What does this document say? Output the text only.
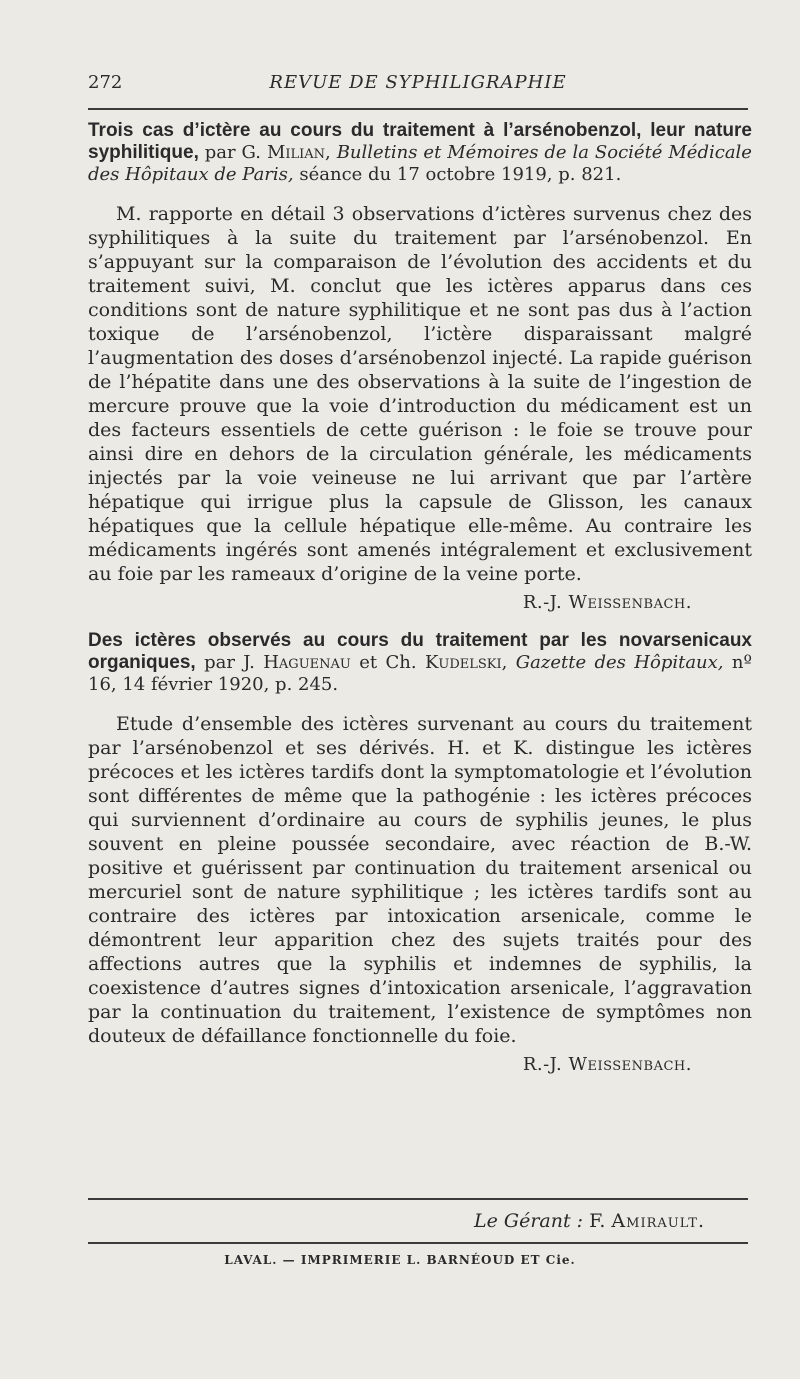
272	REVUE DE SYPHILIGRAPHIE
Trois cas d’ictère au cours du traitement à l’arsénobenzol, leur nature syphilitique, par G. Milian, Bulletins et Mémoires de la Société Médicale des Hôpitaux de Paris, séance du 17 octobre 1919, p. 821.
M. rapporte en détail 3 observations d’ictères survenus chez des syphilitiques à la suite du traitement par l’arsénobenzol. En s’appuyant sur la comparaison de l’évolution des accidents et du traitement suivi, M. conclut que les ictères apparus dans ces conditions sont de nature syphilitique et ne sont pas dus à l’action toxique de l’arsénobenzol, l’ictère disparaissant malgré l’augmentation des doses d’arsénobenzol injecté. La rapide guérison de l’hépatite dans une des observations à la suite de l’ingestion de mercure prouve que la voie d’introduction du médicament est un des facteurs essentiels de cette guérison : le foie se trouve pour ainsi dire en dehors de la circulation générale, les médicaments injectés par la voie veineuse ne lui arrivant que par l’artère hépatique qui irrigue plus la capsule de Glisson, les canaux hépatiques que la cellule hépatique elle-même. Au contraire les médicaments ingérés sont amenés intégralement et exclusivement au foie par les rameaux d’origine de la veine porte.
R.-J. Weissenbach.
Des ictères observés au cours du traitement par les novarsenicaux organiques, par J. Haguenau et Ch. Kudelski, Gazette des Hôpitaux, nº 16, 14 février 1920, p. 245.
Etude d’ensemble des ictères survenant au cours du traitement par l’arsénobenzol et ses dérivés. H. et K. distingue les ictères précoces et les ictères tardifs dont la symptomatologie et l’évolution sont différentes de même que la pathogénie : les ictères précoces qui surviennent d’ordinaire au cours de syphilis jeunes, le plus souvent en pleine poussée secondaire, avec réaction de B.-W. positive et guérissent par continuation du traitement arsenical ou mercuriel sont de nature syphilitique ; les ictères tardifs sont au contraire des ictères par intoxication arsenicale, comme le démontrent leur apparition chez des sujets traités pour des affections autres que la syphilis et indemnes de syphilis, la coexistence d’autres signes d’intoxication arsenicale, l’aggravation par la continuation du traitement, l’existence de symptômes non douteux de défaillance fonctionnelle du foie.
R.-J. Weissenbach.
Le Gérant : F. Amirault.
LAVAL. — IMPRIMERIE L. BARNÉOUD ET Cie.
